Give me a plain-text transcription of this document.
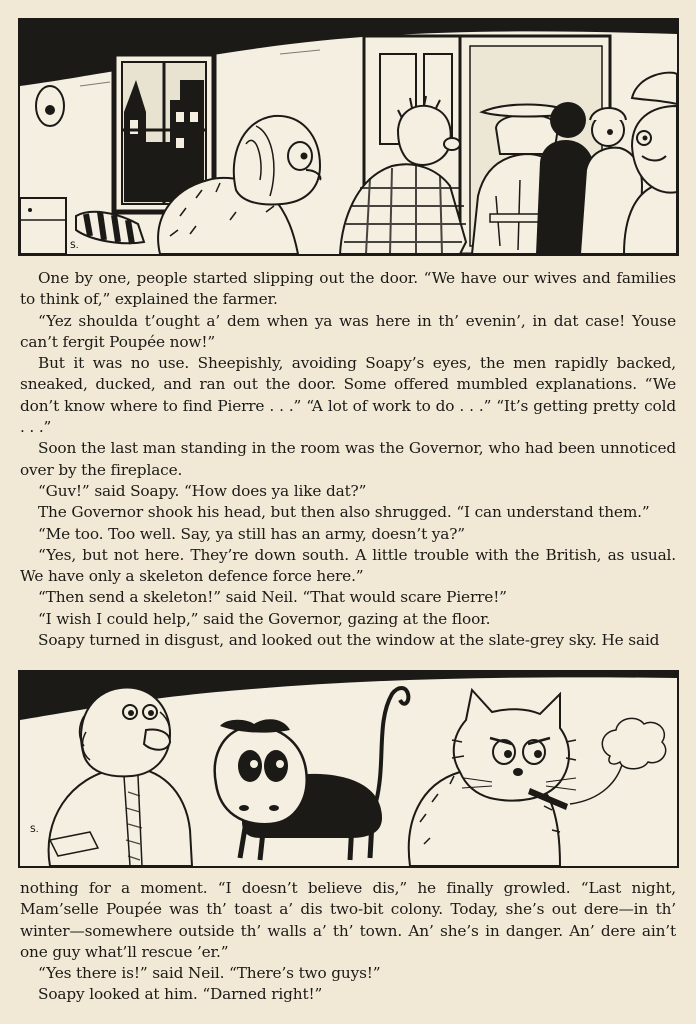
S.

One by one, people started slipping out the door. “We have our wives and families to think of,” explained the farmer.

“Yez shoulda t’ought a’ dem when ya was here in th’ evenin’, in dat case! Youse can’t fergit Poupée now!”

But it was no use. Sheepishly, avoiding Soapy’s eyes, the men rapidly backed, sneaked, ducked, and ran out the door. Some offered mumbled explanations. “We don’t know where to find Pierre . . .” “A lot of work to do . . .” “It’s getting pretty cold . . .”

Soon the last man standing in the room was the Governor, who had been unnoticed over by the fireplace.

“Guv!” said Soapy. “How does ya like dat?”

The Governor shook his head, but then also shrugged. “I can understand them.”

“Me too. Too well. Say, ya still has an army, doesn’t ya?”

“Yes, but not here. They’re down south. A little trouble with the British, as usual. We have only a skeleton defence force here.”

“Then send a skeleton!” said Neil. “That would scare Pierre!”

“I wish I could help,” said the Governor, gazing at the floor.

Soapy turned in disgust, and looked out the window at the slate-grey sky. He said

S.

nothing for a moment. “I doesn’t believe dis,” he finally growled. “Last night, Mam’selle Poupée was th’ toast a’ dis two-bit colony. Today, she’s out dere—in th’ winter—somewhere outside th’ walls a’ th’ town. An’ she’s in danger. An’ dere ain’t one guy what’ll rescue ’er.”

“Yes there is!” said Neil. “There’s two guys!”

Soapy looked at him. “Darned right!”
